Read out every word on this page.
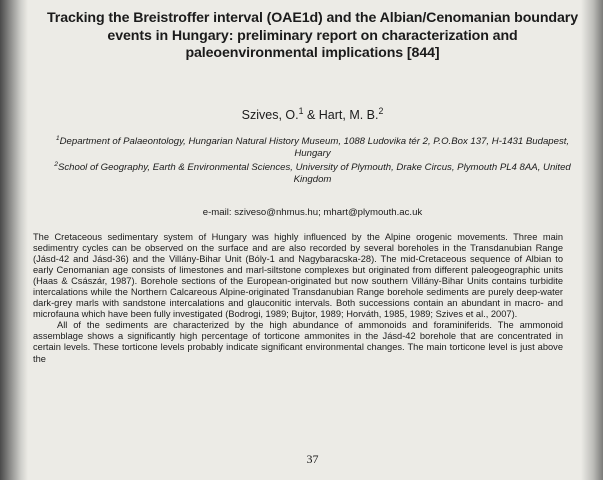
Tracking the Breistroffer interval (OAE1d) and the Albian/Cenomanian boundary events in Hungary: preliminary report on characterization and paleoenvironmental implications [844]
Szives, O.$^1$ & Hart, M. B.$^2$
$^1$Department of Palaeontology, Hungarian Natural History Museum, 1088 Ludovika tér 2, P.O.Box 137, H-1431 Budapest, Hungary
$^2$School of Geography, Earth & Environmental Sciences, University of Plymouth, Drake Circus, Plymouth PL4 8AA, United Kingdom
e-mail: sziveso@nhmus.hu; mhart@plymouth.ac.uk

The Cretaceous sedimentary system of Hungary was highly influenced by the Alpine orogenic movements. Three main sedimentry cycles can be observed on the surface and are also recorded by several boreholes in the Transdanubian Range (Jásd-42 and Jásd-36) and the Villány-Bihar Unit (Bóly-1 and Nagybaracska-28). The mid-Cretaceous sequence of Albian to early Cenomanian age consists of limestones and marl-siltstone complexes but originated from different paleogeographic units (Haas & Császár, 1987). Borehole sections of the European-originated but now southern Villány-Bihar Units contains turbidite intercalations while the Northern Calcareous Alpine-originated Transdanubian Range borehole sediments are purely deep-water dark-grey marls with sandstone intercalations and glauconitic intervals. Both successions contain an abundant in macro- and microfauna which have been fully investigated (Bodrogi, 1989; Bujtor, 1989; Horváth, 1985, 1989; Szives et al., 2007).

All of the sediments are characterized by the high abundance of ammonoids and foraminiferids. The ammonoid assemblage shows a significantly high percentage of torticone ammonites in the Jásd-42 borehole that are concentrated in certain levels. These torticone levels probably indicate significant environmental changes. The main torticone level is just above the

37
